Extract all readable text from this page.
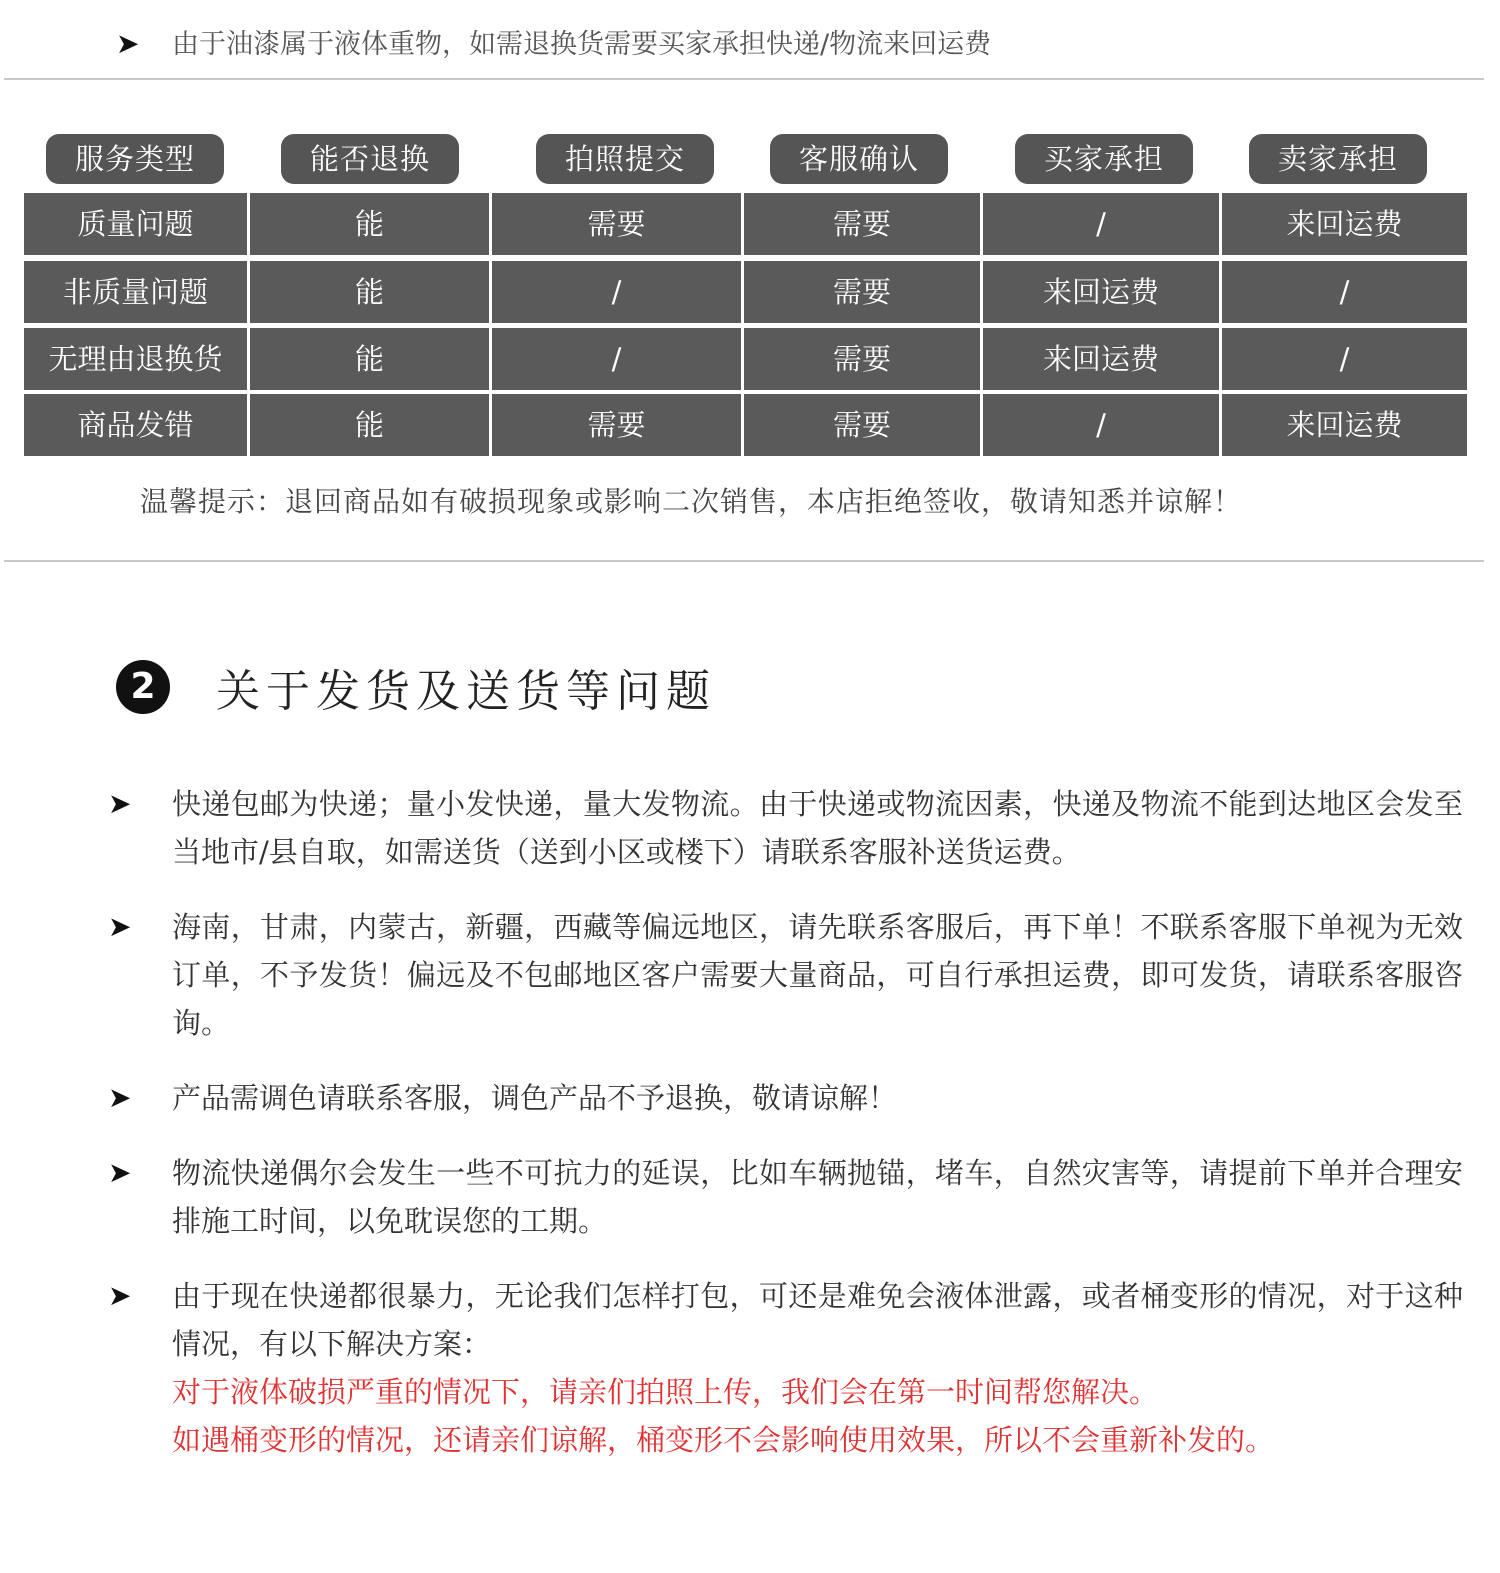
➤ 由于油漆属于液体重物，如需退换货需要买家承担快递/物流来回运费
服务类型	能否退换	拍照提交	客服确认	买家承担	卖家承担
质量问题	能	需要	需要	/	来回运费
非质量问题	能	/	需要	来回运费	/
无理由退换货	能	/	需要	来回运费	/
商品发错	能	需要	需要	/	来回运费
温馨提示：退回商品如有破损现象或影响二次销售，本店拒绝签收，敬请知悉并谅解！
2	关于发货及送货等问题
➤ 快递包邮为快递；量小发快递，量大发物流。由于快递或物流因素，快递及物流不能到达地区会发至当地市/县自取，如需送货（送到小区或楼下）请联系客服补送货运费。
➤ 海南，甘肃，内蒙古，新疆，西藏等偏远地区，请先联系客服后，再下单！不联系客服下单视为无效订单，不予发货！偏远及不包邮地区客户需要大量商品，可自行承担运费，即可发货，请联系客服咨询。
➤ 产品需调色请联系客服，调色产品不予退换，敬请谅解！
➤ 物流快递偶尔会发生一些不可抗力的延误，比如车辆抛锚，堵车，自然灾害等，请提前下单并合理安排施工时间，以免耽误您的工期。
➤ 由于现在快递都很暴力，无论我们怎样打包，可还是难免会液体泄露，或者桶变形的情况，对于这种情况，有以下解决方案：
对于液体破损严重的情况下，请亲们拍照上传，我们会在第一时间帮您解决。
如遇桶变形的情况，还请亲们谅解，桶变形不会影响使用效果，所以不会重新补发的。
